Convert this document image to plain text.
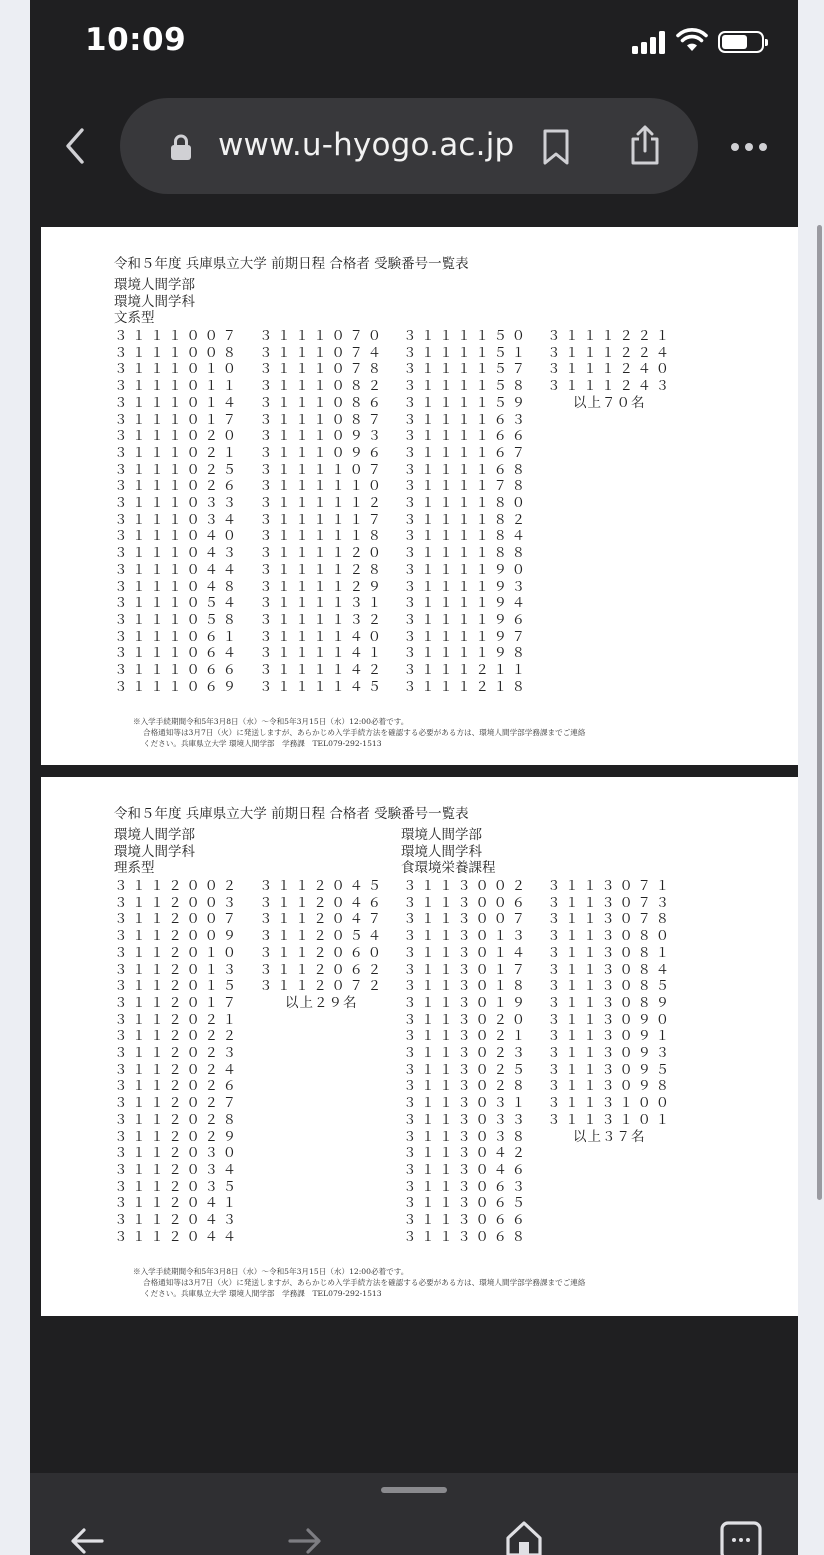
10:09
www.u-hyogo.ac.jp
令和５年度 兵庫県立大学 前期日程 合格者 受験番号一覧表
環境人間学部
環境人間学科
文系型
３１１１００７
３１１１００８
３１１１０１０
３１１１０１１
３１１１０１４
３１１１０１７
３１１１０２０
３１１１０２１
３１１１０２５
３１１１０２６
３１１１０３３
３１１１０３４
３１１１０４０
３１１１０４３
３１１１０４４
３１１１０４８
３１１１０５４
３１１１０５８
３１１１０６１
３１１１０６４
３１１１０６６
３１１１０６９
３１１１０７０
３１１１０７４
３１１１０７８
３１１１０８２
３１１１０８６
３１１１０８７
３１１１０９３
３１１１０９６
３１１１１０７
３１１１１１０
３１１１１１２
３１１１１１７
３１１１１１８
３１１１１２０
３１１１１２８
３１１１１２９
３１１１１３１
３１１１１３２
３１１１１４０
３１１１１４１
３１１１１４２
３１１１１４５
３１１１１５０
３１１１１５１
３１１１１５７
３１１１１５８
３１１１１５９
３１１１１６３
３１１１１６６
３１１１１６７
３１１１１６８
３１１１１７８
３１１１１８０
３１１１１８２
３１１１１８４
３１１１１８８
３１１１１９０
３１１１１９３
３１１１１９４
３１１１１９６
３１１１１９７
３１１１１９８
３１１１２１１
３１１１２１８
３１１１２２１
３１１１２２４
３１１１２４０
３１１１２４３
以上７０名
※入学手続期間令和5年3月8日（水）～令和5年3月15日（水）12:00必着です。
合格通知等は3月7日（火）に発送しますが、あらかじめ入学手続方法を確認する必要がある方は、環境人間学部学務課までご連絡
ください。兵庫県立大学 環境人間学部　学務課　TEL079-292-1513
令和５年度 兵庫県立大学 前期日程 合格者 受験番号一覧表
環境人間学部
環境人間学科
理系型
環境人間学部
環境人間学科
食環境栄養課程
３１１２００２
３１１２００３
３１１２００７
３１１２００９
３１１２０１０
３１１２０１３
３１１２０１５
３１１２０１７
３１１２０２１
３１１２０２２
３１１２０２３
３１１２０２４
３１１２０２６
３１１２０２７
３１１２０２８
３１１２０２９
３１１２０３０
３１１２０３４
３１１２０３５
３１１２０４１
３１１２０４３
３１１２０４４
３１１２０４５
３１１２０４６
３１１２０４７
３１１２０５４
３１１２０６０
３１１２０６２
３１１２０７２
以上２９名
３１１３００２
３１１３００６
３１１３００７
３１１３０１３
３１１３０１４
３１１３０１７
３１１３０１８
３１１３０１９
３１１３０２０
３１１３０２１
３１１３０２３
３１１３０２５
３１１３０２８
３１１３０３１
３１１３０３３
３１１３０３８
３１１３０４２
３１１３０４６
３１１３０６３
３１１３０６５
３１１３０６６
３１１３０６８
３１１３０７１
３１１３０７３
３１１３０７８
３１１３０８０
３１１３０８１
３１１３０８４
３１１３０８５
３１１３０８９
３１１３０９０
３１１３０９１
３１１３０９３
３１１３０９５
３１１３０９８
３１１３１００
３１１３１０１
以上３７名
※入学手続期間令和5年3月8日（水）～令和5年3月15日（水）12:00必着です。
合格通知等は3月7日（火）に発送しますが、あらかじめ入学手続方法を確認する必要がある方は、環境人間学部学務課までご連絡
ください。兵庫県立大学 環境人間学部　学務課　TEL079-292-1513
